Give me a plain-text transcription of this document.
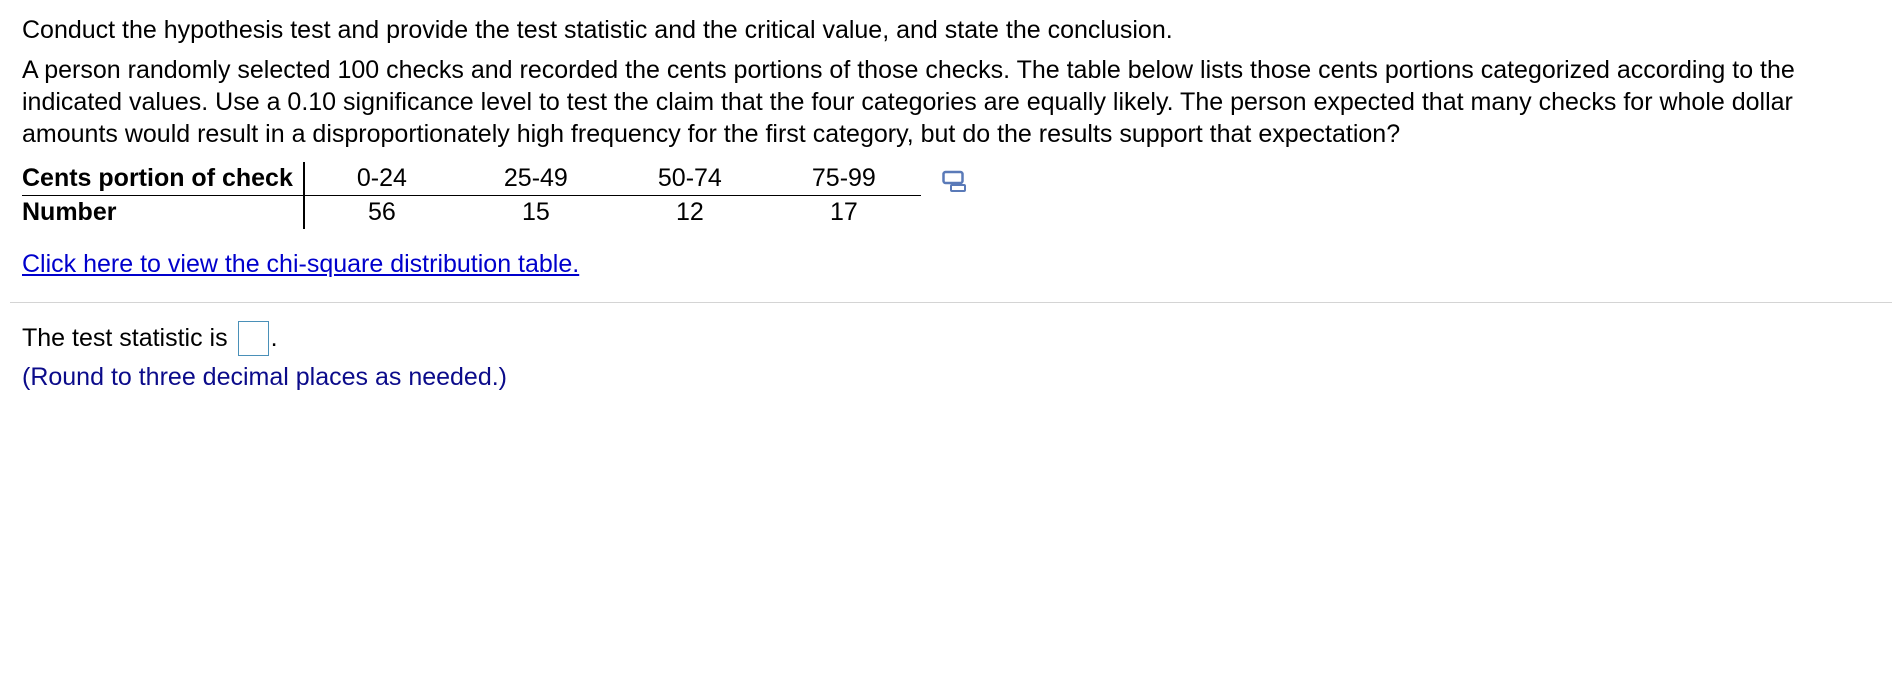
Conduct the hypothesis test and provide the test statistic and the critical value, and state the conclusion.

A person randomly selected 100 checks and recorded the cents portions of those checks. The table below lists those cents portions categorized according to the indicated values. Use a 0.10 significance level to test the claim that the four categories are equally likely. The person expected that many checks for whole dollar amounts would result in a disproportionately high frequency for the first category, but do the results support that expectation?

Cents portion of check	0-24	25-49	50-74	75-99
Number	56	15	12	17
Click here to view the chi-square distribution table.
The test statistic is .
(Round to three decimal places as needed.)
